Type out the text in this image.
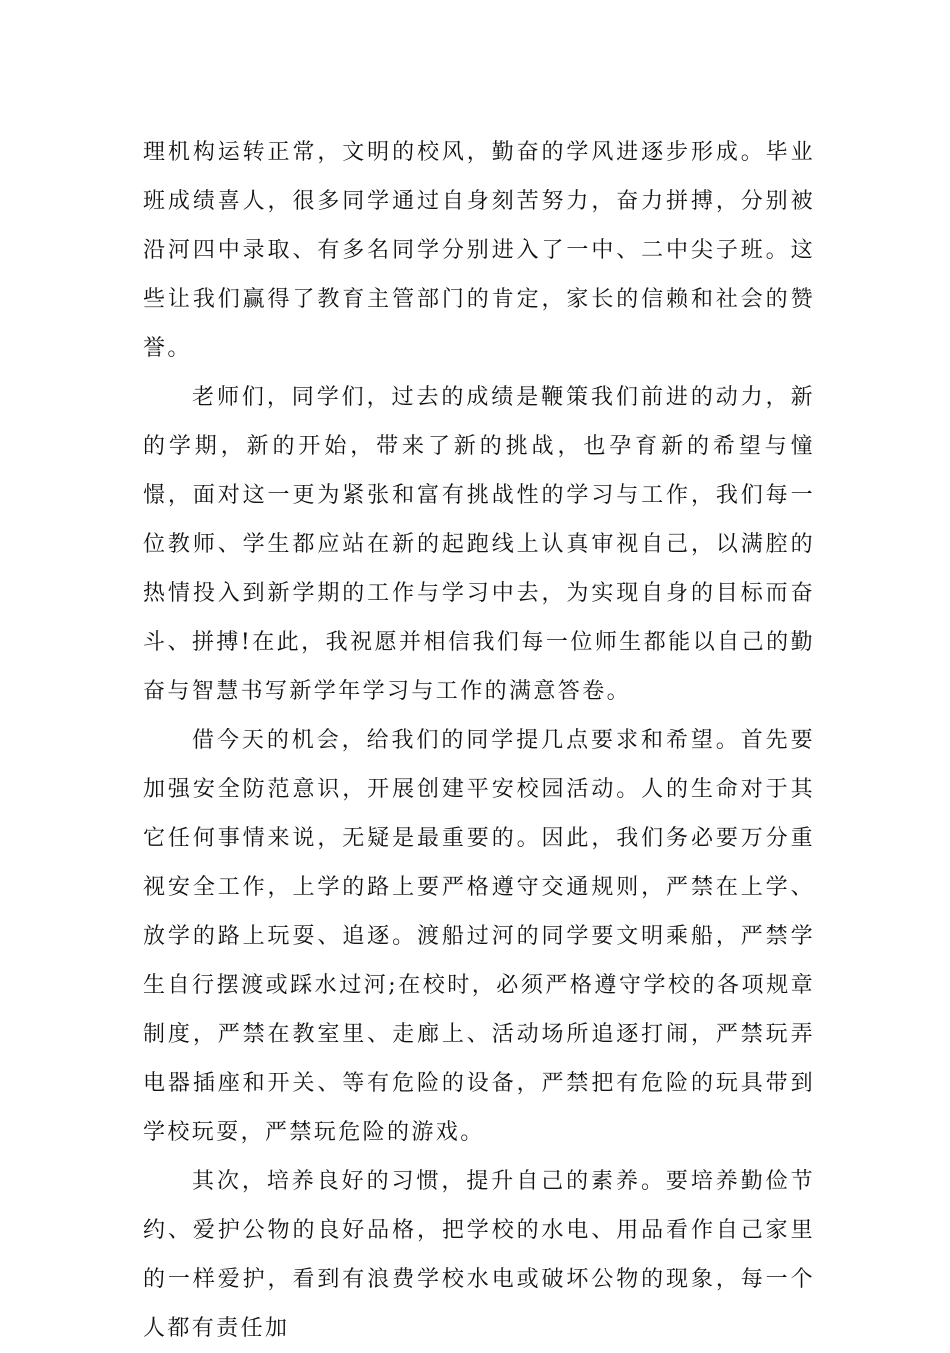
理机构运转正常，文明的校风，勤奋的学风进逐步形成。毕业班成绩喜人，很多同学通过自身刻苦努力，奋力拼搏，分别被沿河四中录取、有多名同学分别进入了一中、二中尖子班。这些让我们赢得了教育主管部门的肯定，家长的信赖和社会的赞誉。

老师们，同学们，过去的成绩是鞭策我们前进的动力，新的学期，新的开始，带来了新的挑战，也孕育新的希望与憧憬，面对这一更为紧张和富有挑战性的学习与工作，我们每一位教师、学生都应站在新的起跑线上认真审视自己，以满腔的热情投入到新学期的工作与学习中去，为实现自身的目标而奋斗、拼搏!在此，我祝愿并相信我们每一位师生都能以自己的勤奋与智慧书写新学年学习与工作的满意答卷。

借今天的机会，给我们的同学提几点要求和希望。首先要加强安全防范意识，开展创建平安校园活动。人的生命对于其它任何事情来说，无疑是最重要的。因此，我们务必要万分重视安全工作，上学的路上要严格遵守交通规则，严禁在上学、放学的路上玩耍、追逐。渡船过河的同学要文明乘船，严禁学生自行摆渡或踩水过河;在校时，必须严格遵守学校的各项规章制度，严禁在教室里、走廊上、活动场所追逐打闹，严禁玩弄电器插座和开关、等有危险的设备，严禁把有危险的玩具带到学校玩耍，严禁玩危险的游戏。

其次，培养良好的习惯，提升自己的素养。要培养勤俭节约、爱护公物的良好品格，把学校的水电、用品看作自己家里的一样爱护，看到有浪费学校水电或破坏公物的现象，每一个人都有责任加
